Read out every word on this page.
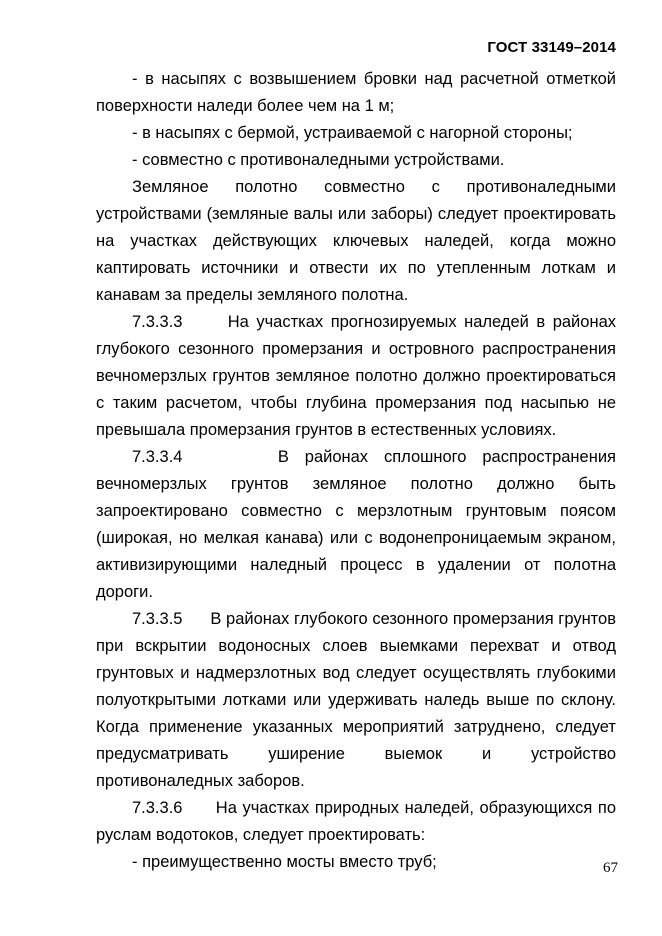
ГОСТ 33149–2014

- в насыпях с возвышением бровки над расчетной отметкой поверхности наледи более чем на 1 м;

- в насыпях с бермой, устраиваемой с нагорной стороны;

- совместно с противоналедными устройствами.

Земляное полотно совместно с противоналедными устройствами (земляные валы или заборы) следует проектировать на участках действующих ключевых наледей, когда можно каптировать источники и отвести их по утепленным лоткам и канавам за пределы земляного полотна.

7.3.3.3      На участках прогнозируемых наледей в районах глубокого сезонного промерзания и островного распространения вечномерзлых грунтов земляное полотно должно проектироваться с таким расчетом, чтобы глубина промерзания под насыпью не превышала промерзания грунтов в естественных условиях.

7.3.3.4      В районах сплошного распространения вечномерзлых грунтов земляное полотно должно быть запроектировано совместно с мерзлотным грунтовым поясом (широкая, но мелкая канава) или с водонепроницаемым экраном, активизирующими наледный процесс в удалении от полотна дороги.

7.3.3.5      В районах глубокого сезонного промерзания грунтов при вскрытии водоносных слоев выемками перехват и отвод грунтовых и надмерзлотных вод следует осуществлять глубокими полуоткрытыми лотками или удерживать наледь выше по склону. Когда применение указанных мероприятий затруднено, следует предусматривать уширение выемок и устройство противоналедных заборов.

7.3.3.6      На участках природных наледей, образующихся по руслам водотоков, следует проектировать:

- преимущественно мосты вместо труб;	67
